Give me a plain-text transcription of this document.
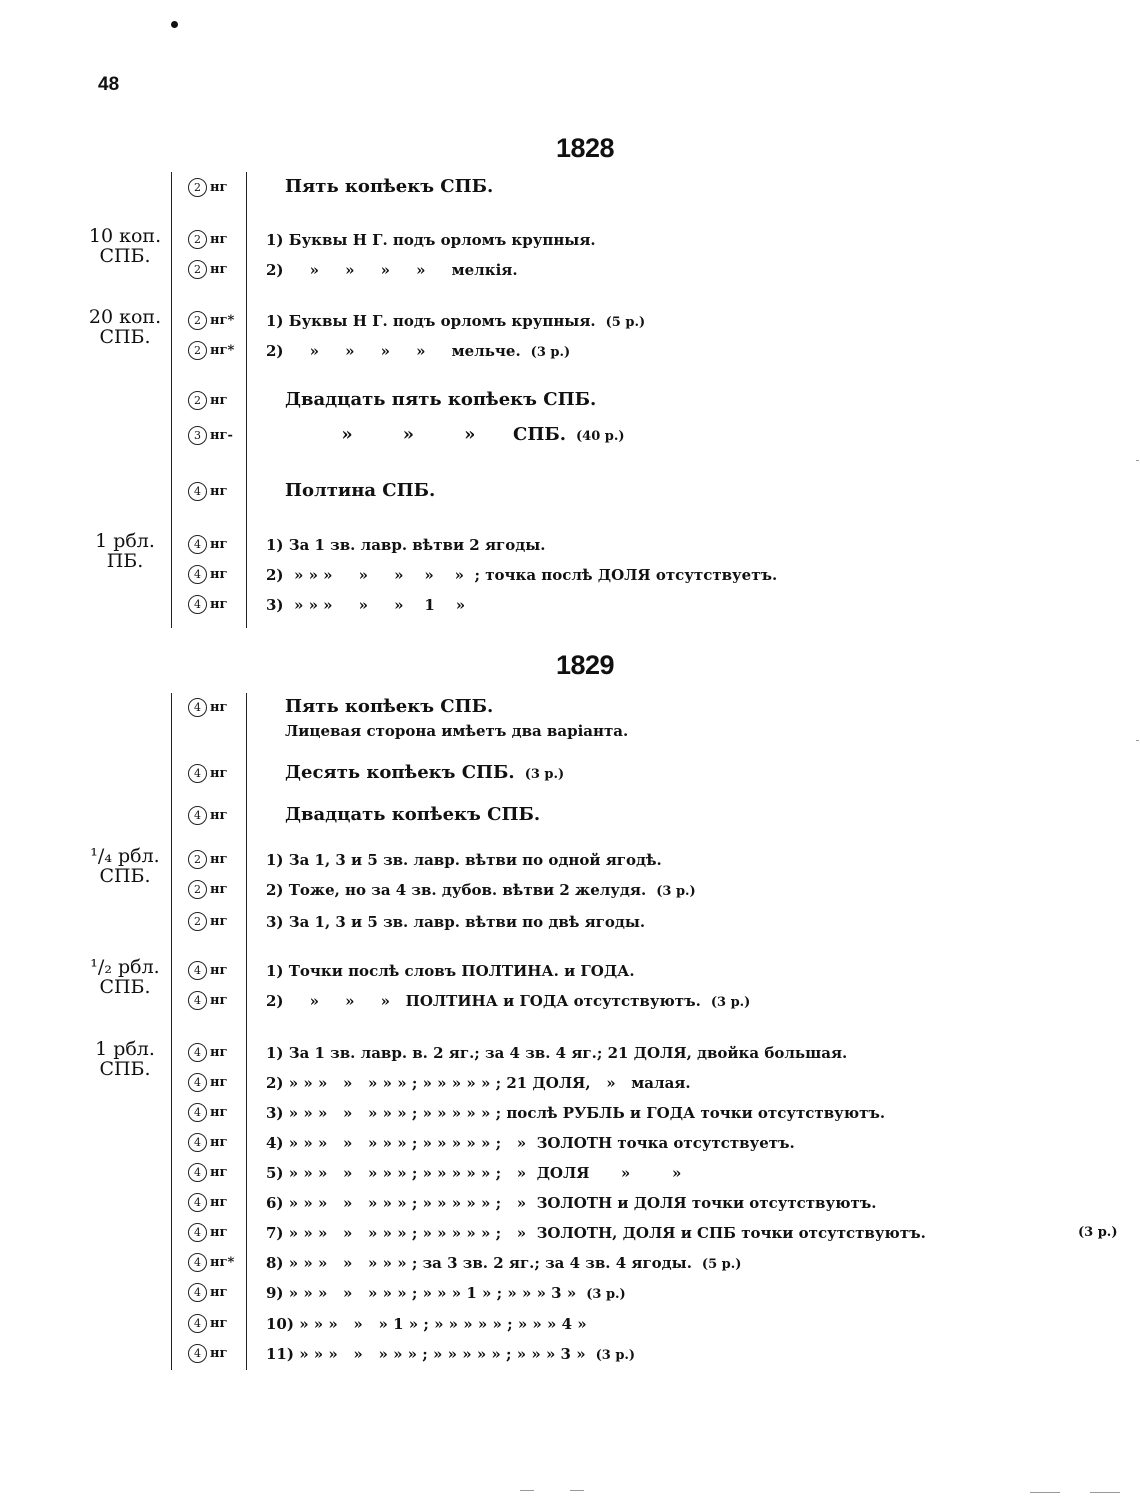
48
1828
2 нг	Пять копѣекъ СПБ.
10 коп.
СПБ.
2 нг	1) Буквы Н Г. подъ орломъ крупныя.
2 нг	2)     »     »     »     »     мелкія.
20 коп.
СПБ.
2 нг* 1) Буквы Н Г. подъ орломъ крупныя. (5 р.)
2 нг* 2)     »     »     »     »     мельче. (3 р.)
2 нг	Двадцать пять копѣекъ СПБ.
3 нг-	»        »        »      СПБ. (40 р.)
4 нг	Полтина СПБ.
1 рбл.
ПБ.
4 нг	1) За 1 зв. лавр. вѣтви 2 ягоды.
4 нг	2)  » » »     »     »    »    »  ; точка послѣ ДОЛЯ отсутствуетъ.
4 нг	3)  » » »     »     »    1    »
1829
4 нг	Пять копѣекъ СПБ.
Лицевая сторона имѣетъ два варіанта.
4 нг	Десять копѣекъ СПБ. (3 р.)
4 нг	Двадцать копѣекъ СПБ.
¹/₄ рбл.
СПБ.
2 нг	1) За 1, 3 и 5 зв. лавр. вѣтви по одной ягодѣ.
2 нг	2) Тоже, но за 4 зв. дубов. вѣтви 2 желудя. (3 р.)
2 нг	3) За 1, 3 и 5 зв. лавр. вѣтви по двѣ ягоды.
¹/₂ рбл.
СПБ.
4 нг	1) Точки послѣ словъ ПОЛТИНА. и ГОДА.
4 нг	2)     »     »     »   ПОЛТИНА и ГОДА отсутствуютъ. (3 р.)
1 рбл.
СПБ.
4 нг	1) За 1 зв. лавр. в. 2 яг.; за 4 зв. 4 яг.; 21 ДОЛЯ, двойка большая.
4 нг	2) » » »   »   » » » ; » » » » » ; 21 ДОЛЯ,   »   малая.
4 нг	3) » » »   »   » » » ; » » » » » ; послѣ РУБЛЬ и ГОДА точки отсутствуютъ.
4 нг	4) » » »   »   » » » ; » » » » » ;   »  ЗОЛОТН точка отсутствуетъ.
4 нг	5) » » »   »   » » » ; » » » » » ;   »  ДОЛЯ      »        »
4 нг	6) » » »   »   » » » ; » » » » » ;   »  ЗОЛОТН и ДОЛЯ точки отсутствуютъ.
4 нг	7) » » »   »   » » » ; » » » » » ;   »  ЗОЛОТН, ДОЛЯ и СПБ точки отсутствуютъ.	(3 р.)
4 нг* 8) » » »   »   » » » ; за 3 зв. 2 яг.; за 4 зв. 4 ягоды. (5 р.)
4 нг	9) » » »   »   » » » ; » » » 1 » ; » » » 3 » (3 р.)
4 нг	10) » » »   »   » 1 » ; » » » » » ; » » » 4 »
4 нг	11) » » »   »   » » » ; » » » » » ; » » » 3 » (3 р.)
